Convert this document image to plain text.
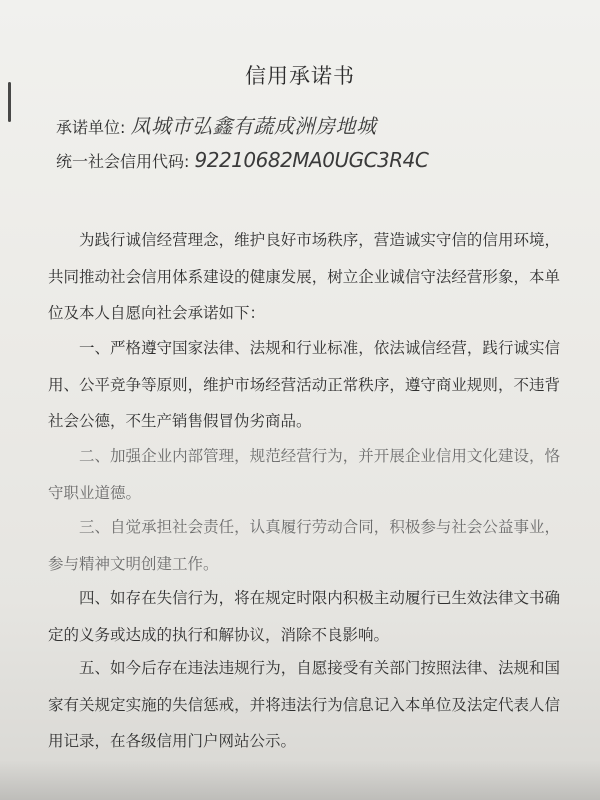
信用承诺书
承诺单位: 凤城市弘鑫有蔬成洲房地城
统一社会信用代码: 92210682MA0UGC3R4C

为践行诚信经营理念，维护良好市场秩序，营造诚实守信的信用环境，共同推动社会信用体系建设的健康发展，树立企业诚信守法经营形象，本单位及本人自愿向社会承诺如下：

一、严格遵守国家法律、法规和行业标准，依法诚信经营，践行诚实信用、公平竞争等原则，维护市场经营活动正常秩序，遵守商业规则，不违背社会公德，不生产销售假冒伪劣商品。

二、加强企业内部管理，规范经营行为，并开展企业信用文化建设，恪守职业道德。

三、自觉承担社会责任，认真履行劳动合同，积极参与社会公益事业，参与精神文明创建工作。

四、如存在失信行为，将在规定时限内积极主动履行已生效法律文书确定的义务或达成的执行和解协议，消除不良影响。

五、如今后存在违法违规行为，自愿接受有关部门按照法律、法规和国家有关规定实施的失信惩戒，并将违法行为信息记入本单位及法定代表人信用记录，在各级信用门户网站公示。
